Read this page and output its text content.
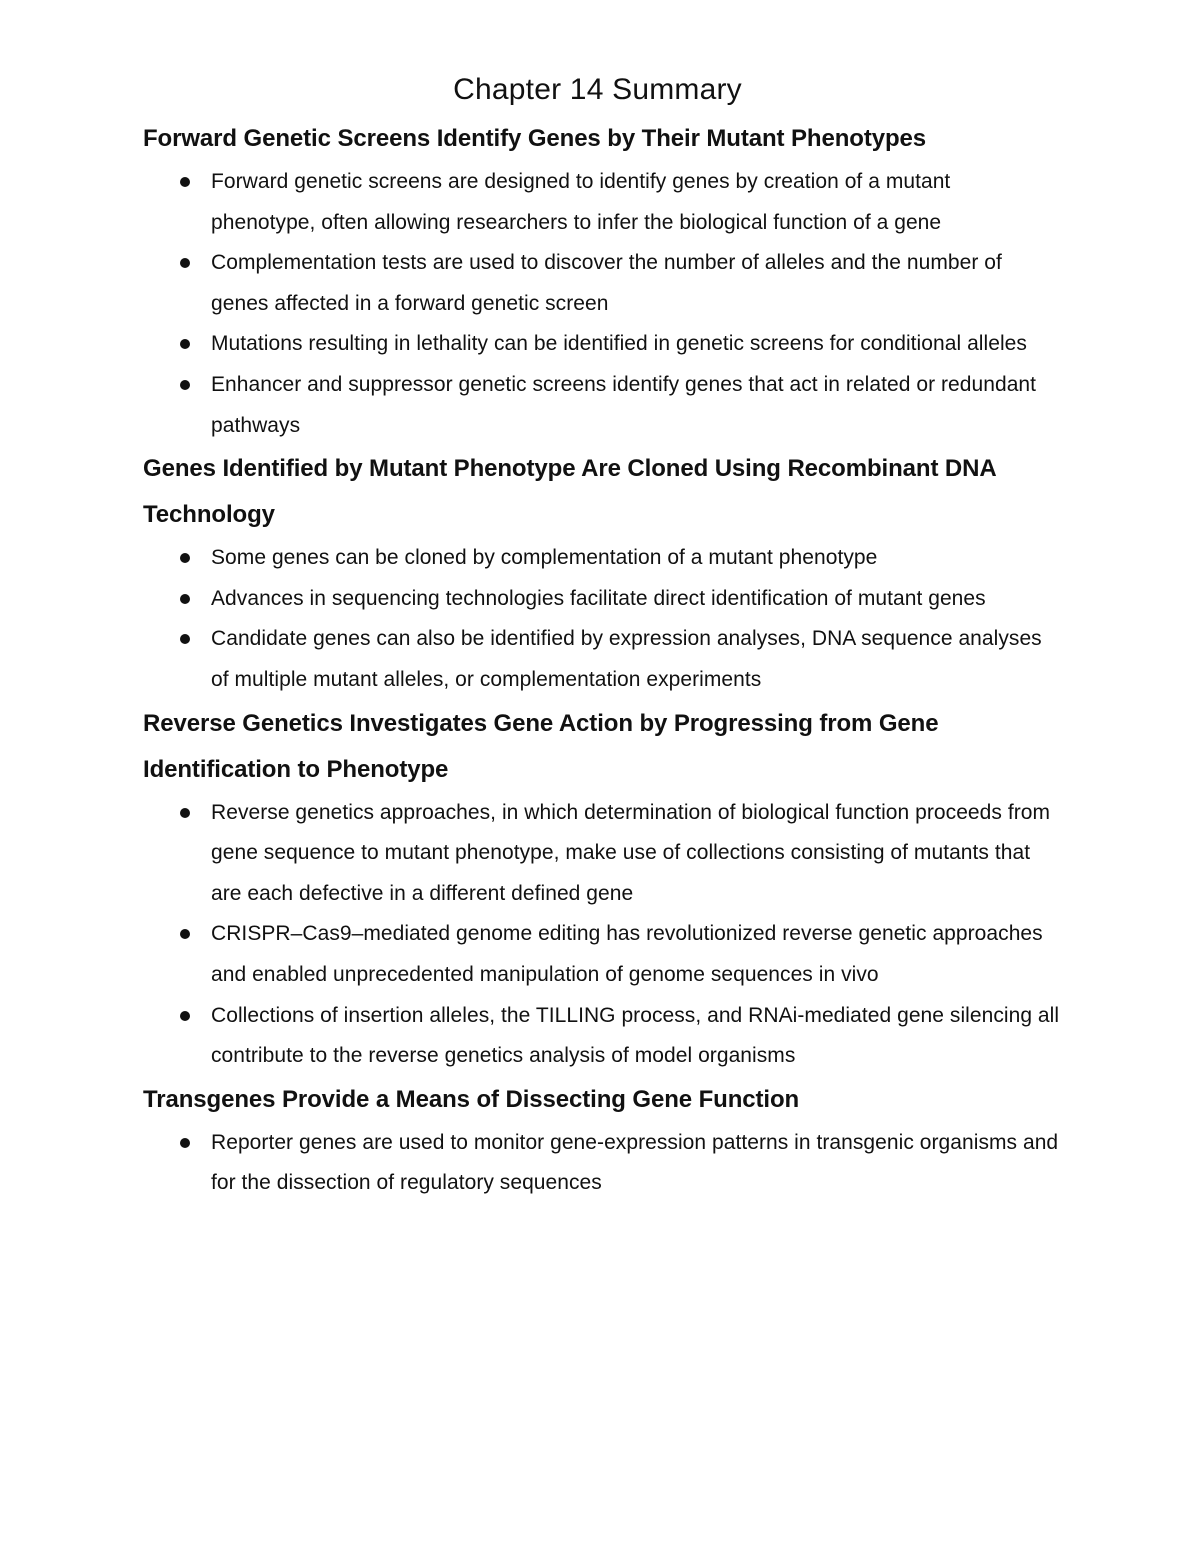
Chapter 14 Summary
Forward Genetic Screens Identify Genes by Their Mutant Phenotypes
Forward genetic screens are designed to identify genes by creation of a mutant phenotype, often allowing researchers to infer the biological function of a gene
Complementation tests are used to discover the number of alleles and the number of genes affected in a forward genetic screen
Mutations resulting in lethality can be identified in genetic screens for conditional alleles
Enhancer and suppressor genetic screens identify genes that act in related or redundant pathways
Genes Identified by Mutant Phenotype Are Cloned Using Recombinant DNA Technology
Some genes can be cloned by complementation of a mutant phenotype
Advances in sequencing technologies facilitate direct identification of mutant genes
Candidate genes can also be identified by expression analyses, DNA sequence analyses of multiple mutant alleles, or complementation experiments
Reverse Genetics Investigates Gene Action by Progressing from Gene Identification to Phenotype
Reverse genetics approaches, in which determination of biological function proceeds from gene sequence to mutant phenotype, make use of collections consisting of mutants that are each defective in a different defined gene
CRISPR–Cas9–mediated genome editing has revolutionized reverse genetic approaches and enabled unprecedented manipulation of genome sequences in vivo
Collections of insertion alleles, the TILLING process, and RNAi-mediated gene silencing all contribute to the reverse genetics analysis of model organisms
Transgenes Provide a Means of Dissecting Gene Function
Reporter genes are used to monitor gene-expression patterns in transgenic organisms and for the dissection of regulatory sequences
